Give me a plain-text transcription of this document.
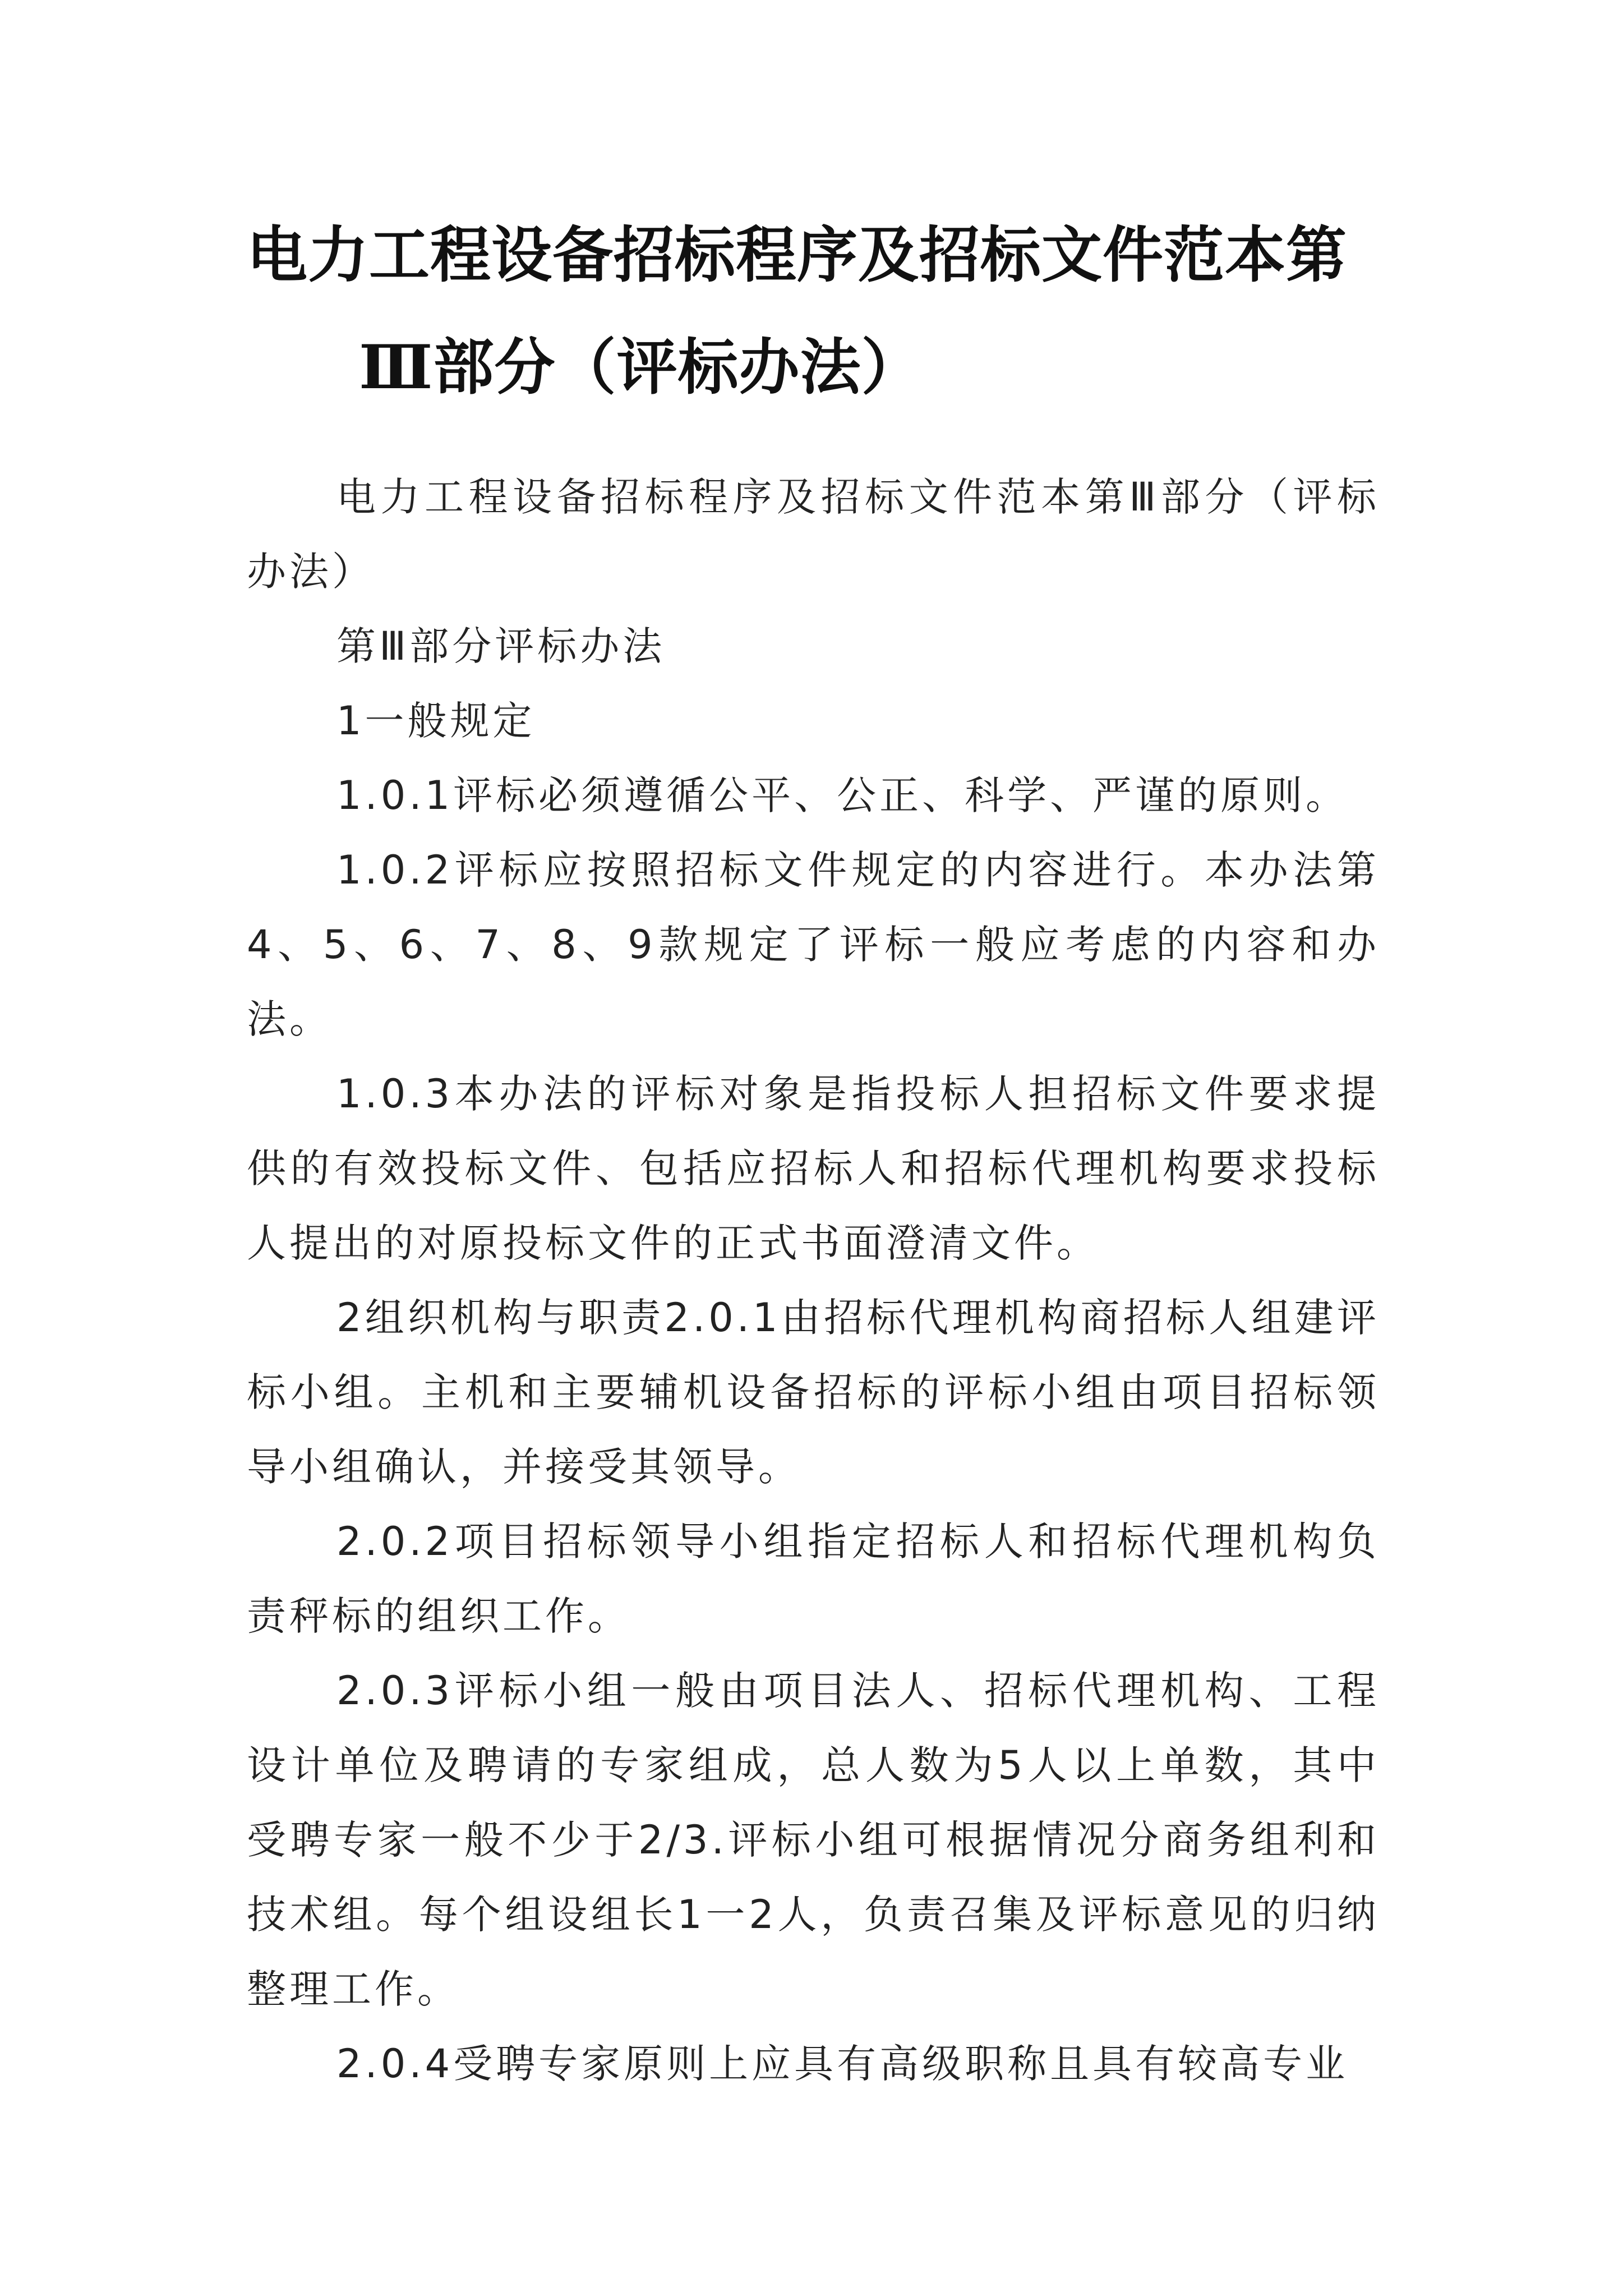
电力工程设备招标程序及招标文件范本第
Ⅲ部分（评标办法）

电力工程设备招标程序及招标文件范本第Ⅲ部分（评标办法）

第Ⅲ部分评标办法

1一般规定

1.0.1评标必须遵循公平、公正、科学、严谨的原则。

1.0.2评标应按照招标文件规定的内容进行。本办法第4、5、6、7、8、9款规定了评标一般应考虑的内容和办法。

1.0.3本办法的评标对象是指投标人担招标文件要求提供的有效投标文件、包括应招标人和招标代理机构要求投标人提出的对原投标文件的正式书面澄清文件。

2组织机构与职责2.0.1由招标代理机构商招标人组建评标小组。主机和主要辅机设备招标的评标小组由项目招标领导小组确认，并接受其领导。

2.0.2项目招标领导小组指定招标人和招标代理机构负责秤标的组织工作。

2.0.3评标小组一般由项目法人、招标代理机构、工程设计单位及聘请的专家组成，总人数为5人以上单数，其中受聘专家一般不少于2/3.评标小组可根据情况分商务组利和技术组。每个组设组长1一2人，负责召集及评标意见的归纳整理工作。

2.0.4受聘专家原则上应具有高级职称且具有较高专业
